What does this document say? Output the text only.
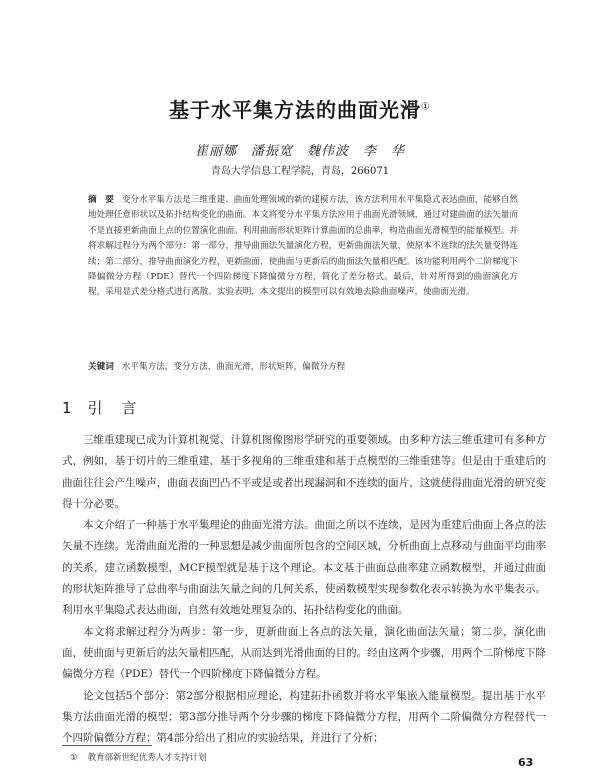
基于水平集方法的曲面光滑①
崔丽娜　潘振宽　魏伟波　李　华
青岛大学信息工程学院，青岛，266071
摘　要 变分水平集方法是三维重建、曲面处理领域的新的建模方法，该方法利用水平集隐式表达曲面，能够自然地处理任意形状以及拓扑结构变化的曲面。本文将变分水平集方法应用于曲面光滑领域，通过对建曲面的法矢量而不是直接更新曲面上点的位置演化曲面。利用曲面形状矩阵计算曲面的总曲率，构造曲面光滑模型的能量模型。并将求解过程分为两个部分：第一部分，推导曲面法矢量演化方程，更新曲面法矢量，使原本不连续的法矢量变得连续；第二部分，推导曲面演化方程，更新曲面，使曲面与更新后的曲面法矢量相匹配。该功能利用两个二阶梯度下降偏微分方程（PDE）替代一个四阶梯度下降偏微分方程，简化了差分格式。最后，针对所得到的曲面演化方程，采用显式差分格式进行离散。实验表明，本文提出的模型可以有效地去除曲面噪声，使曲面光滑。
关键词 水平集方法，变分方法，曲面光滑，形状矩阵，偏微分方程
1 引　言

三维重建现已成为计算机视觉、计算机图像图形学研究的重要领域。由多种方法三维重建可有多种方式，例如，基于切片的三维重建、基于多视角的三维重建和基于点模型的三维重建等。但是由于重建后的曲面往往会产生噪声，曲面表面凹凸不平或是或者出现漏洞和不连续的面片，这就使得曲面光滑的研究变得十分必要。

本文介绍了一种基于水平集理论的曲面光滑方法。曲面之所以不连续，是因为重建后曲面上各点的法矢量不连续。光滑曲面光滑的一种思想是减少曲面所包含的空间区域，分析曲面上点移动与曲面平均曲率的关系，建立函数模型，MCF模型就是基于这个理论。本文基于曲面总曲率建立函数模型，并通过曲面的形状矩阵推导了总曲率与曲面法矢量之间的几何关系，使函数模型实现参数化表示转换为水平集表示。利用水平集隐式表达曲面，自然有效地处理复杂的、拓扑结构变化的曲面。

本文将求解过程分为两步：第一步，更新曲面上各点的法矢量，演化曲面法矢量；第二步，演化曲面，使曲面与更新后的法矢量相匹配，从而达到光滑曲面的目的。经由这两个步骤，用两个二阶梯度下降偏微分方程（PDE）替代一个四阶梯度下降偏微分方程。

论文包括5个部分：第2部分根据相应理论，构建拓扑函数并将水平集嵌入能量模型。提出基于水平集方法曲面光滑的模型；第3部分推导两个分步骤的梯度下降偏微分方程，用两个二阶偏微分方程替代一个四阶偏微分方程；第4部分给出了相应的实验结果，并进行了分析；

① 教育部新世纪优秀人才支持计划	63
